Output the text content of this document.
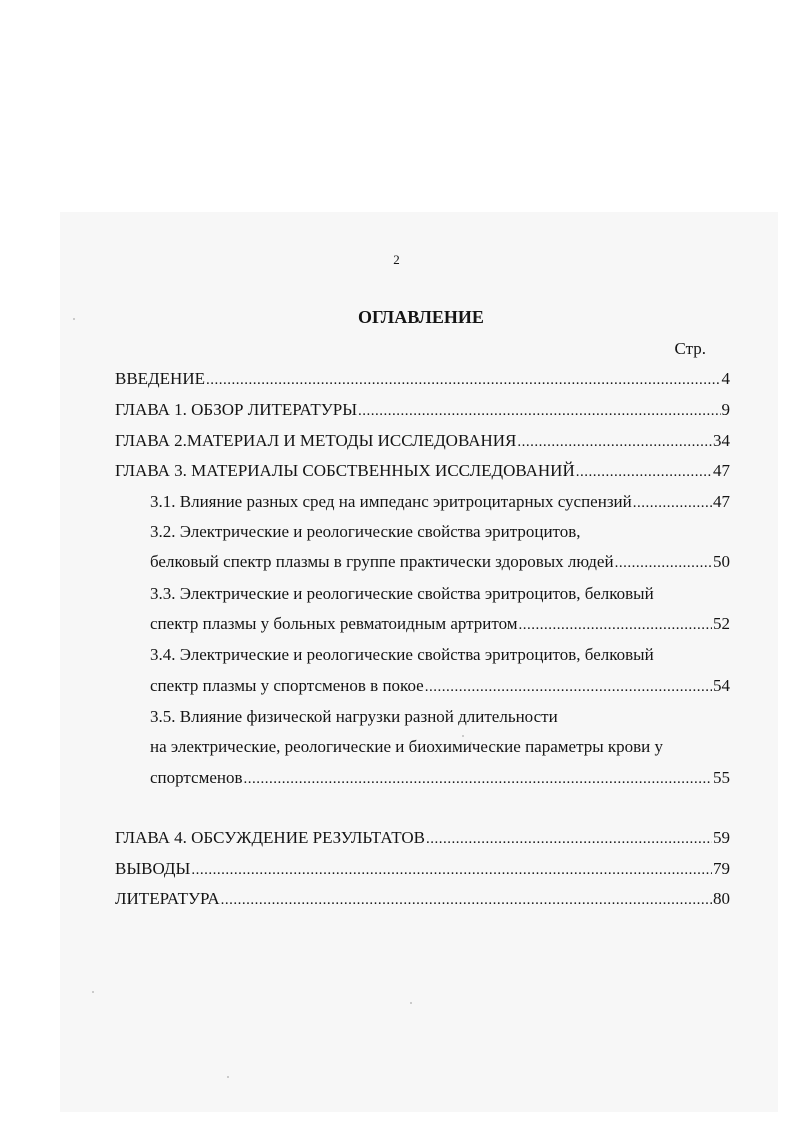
2
ОГЛАВЛЕНИЕ
Стр.
ВВЕДЕНИЕ .....	4
ГЛАВА 1. ОБЗОР ЛИТЕРАТУРЫ .....	9
ГЛАВА 2.МАТЕРИАЛ И МЕТОДЫ ИССЛЕДОВАНИЯ .....	34
ГЛАВА 3. МАТЕРИАЛЫ СОБСТВЕННЫХ ИССЛЕДОВАНИЙ .....	47
3.1. Влияние разных сред на импеданс эритроцитарных суспензий .....	47
3.2. Электрические и реологические свойства эритроцитов,
белковый спектр плазмы в группе практически здоровых людей .....	50
3.3. Электрические и реологические свойства эритроцитов, белковый
спектр плазмы у больных ревматоидным артритом .....	52
3.4. Электрические и реологические свойства эритроцитов, белковый
спектр плазмы у спортсменов в покое .....	54
3.5. Влияние физической нагрузки разной длительности
на электрические, реологические и биохимические параметры крови у
спортсменов .....	55
ГЛАВА 4. ОБСУЖДЕНИЕ РЕЗУЛЬТАТОВ .....	59
ВЫВОДЫ .....	79
ЛИТЕРАТУРА .....	80
